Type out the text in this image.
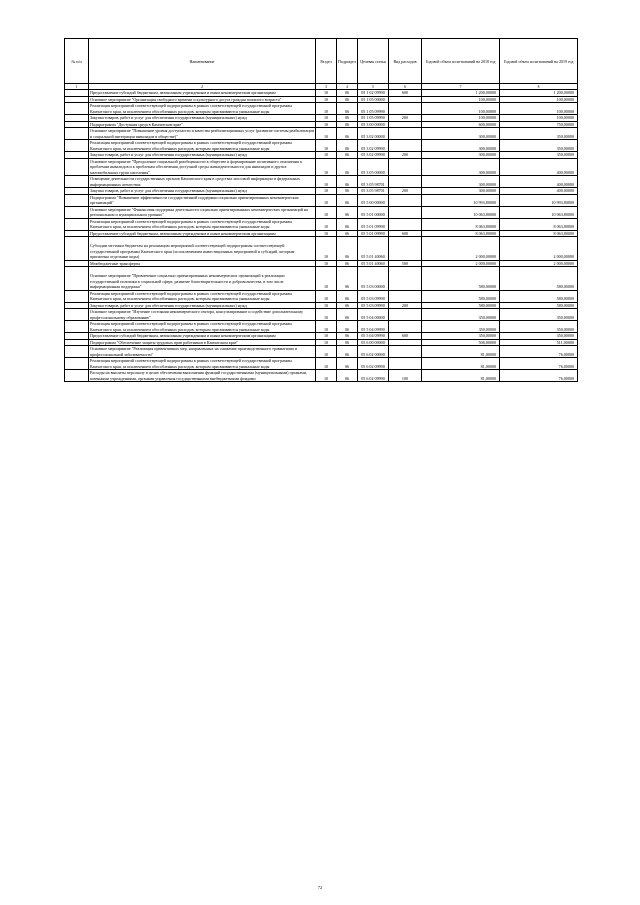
№ п/п	Наименование	Раздел	Подраздел	Целевая статья	Вид расходов	Годовой объем ассигнований на 2018 год	Годовой объем ассигнований на 2019 год
1	2	3	4	5	6	7	8
	Предоставление субсидий бюджетным, автономным учреждениям и иным некоммерческим организациям	10	06	05 1 02 09990	600	1 200,00000	1 200,00000
	Основное мероприятие "Организация свободного времени и культурного досуга граждан пожилого возраста"	10	06	05 1 05 00000		100,00000	100,00000
	Реализация мероприятий соответствующей подпрограммы в рамках соответствующей государственной программы Камчатского края, за исключением обособленных расходов, которым присваиваются уникальные коды	10	06	05 1 05 09990		100,00000	100,00000
	Закупка товаров, работ и услуг для обеспечения государственных (муниципальных) нужд	10	06	05 1 05 09990	200	100,00000	100,00000
	Подпрограмма "Доступная среда в Камчатском крае"	10	06	05 3 00 00000		600,00000	750,00000
	Основное мероприятие "Повышение уровня доступности и качества реабилитационных услуг (развитие системы реабилитации и социальной интеграции инвалидов в обществе)"	10	06	05 3 02 00000		300,00000	350,00000
	Реализация мероприятий соответствующей подпрограммы в рамках соответствующей государственной программы Камчатского края, за исключением обособленных расходов, которым присваиваются уникальные коды	10	06	05 3 02 09990		300,00000	350,00000
	Закупка товаров, работ и услуг для обеспечения государственных (муниципальных) нужд	10	06	05 3 02 09990	200	300,00000	350,00000
	Основное мероприятие "Преодоление социальной разобщенности в обществе и формирование позитивного отношения к проблемам инвалидов и к проблемам обеспечения доступной среды жизнедеятельности для инвалидов и других маломобильных групп населения"	10	06	05 3 05 00000		300,00000	400,00000
	Освещение деятельности государственных органов Камчатского края в средствах массовой информации и федеральных информационных агентствах	10	06	05 3 05 98701		300,00000	400,00000
	Закупка товаров, работ и услуг для обеспечения государственных (муниципальных) нужд	10	06	05 3 05 98701	200	300,00000	400,00000
	Подпрограмма "Повышение эффективности государственной поддержки социально ориентированных некоммерческих организаций"	10	06	05 5 00 00000		10 993,80000	10 993,80000
	Основное мероприятие "Финансовая поддержка деятельности социально ориентированных некоммерческих организаций на региональном и муниципальном уровнях"	10	06	05 5 01 00000		10 063,80000	10 063,80000
	Реализация мероприятий соответствующей подпрограммы в рамках соответствующей государственной программы Камчатского края, за исключением обособленных расходов, которым присваиваются уникальные коды	10	06	05 5 01 09990		8 063,80000	8 063,80000
	Предоставление субсидий бюджетным, автономным учреждениям и иным некоммерческим организациям	10	06	05 5 01 09990	600	8 063,80000	8 063,80000
	Субсидии местным бюджетам на реализацию мероприятий соответствующей подпрограммы соответствующей государственной программы Камчатского края (за исключением инвестиционных мероприятий и субсидий, которым присвоены отдельные коды)	10	06	05 5 01 40060		2 000,00000	2 000,00000
	Межбюджетные трансферты	10	06	05 5 01 40060	500	2 000,00000	2 000,00000
	Основное мероприятие "Привлечение социально ориентированных некоммерческих организаций к реализации государственной политики в социальной сфере, развитие благотворительности и добровольчества, в том числе информационная поддержка"	10	06	05 5 03 00000		580,00000	580,00000
	Реализация мероприятий соответствующей подпрограммы в рамках соответствующей государственной программы Камчатского края, за исключением обособленных расходов, которым присваиваются уникальные коды	10	06	05 5 03 09990		580,00000	580,00000
	Закупка товаров, работ и услуг для обеспечения государственных (муниципальных) нужд	10	06	05 5 03 09990	200	580,00000	580,00000
	Основное мероприятие "Изучение состояния некоммерческого сектора, консультирование и содействие дополнительному профессиональному образованию"	10	06	05 5 04 00000		350,00000	350,00000
	Реализация мероприятий соответствующей подпрограммы в рамках соответствующей государственной программы Камчатского края, за исключением обособленных расходов, которым присваиваются уникальные коды	10	06	05 5 04 09990		350,00000	350,00000
	Предоставление субсидий бюджетным, автономным учреждениям и иным некоммерческим организациям	10	06	05 5 04 09990	600	350,00000	350,00000
	Подпрограмма "Обеспечение защиты трудовых прав работников в Камчатском крае"	10	06	05 6 00 00000		506,00000	511,00000
	Основное мероприятие "Реализация превентивных мер, направленных на снижение производственного травматизма и профессиональной заболеваемости"	10	06	05 6 02 00000		81,00000	76,00000
	Реализация мероприятий соответствующей подпрограммы в рамках соответствующей государственной программы Камчатского края, за исключением обособленных расходов, которым присваиваются уникальные коды	10	06	05 6 02 09990		81,00000	76,00000
	Расходы на выплаты персоналу в целях обеспечения выполнения функций государственными (муниципальными) органами, казенными учреждениями, органами управления государственными внебюджетными фондами	10	06	05 6 02 09990	100	81,00000	76,00000
72
